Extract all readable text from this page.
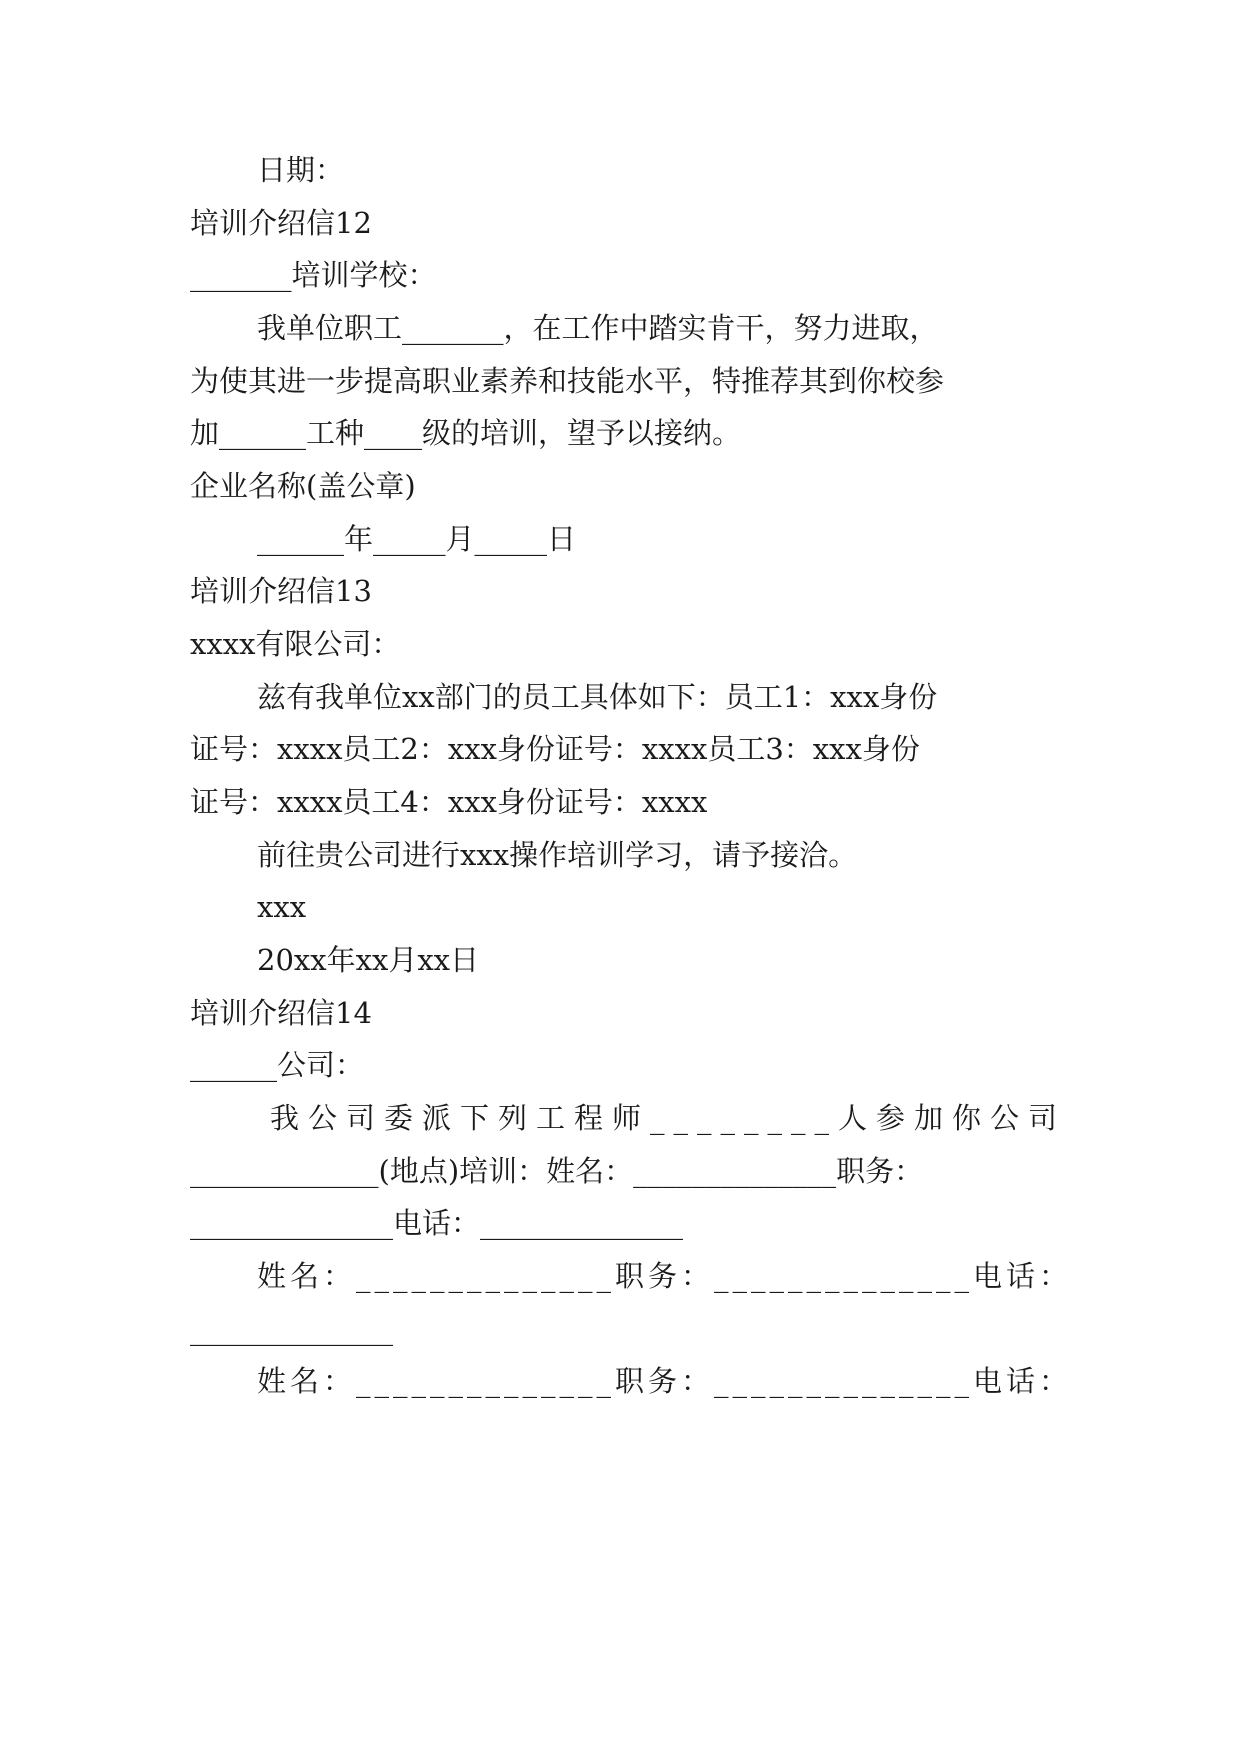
日期：
培训介绍信12
_______培训学校：
我单位职工_______，在工作中踏实肯干，努力进取，
为使其进一步提高职业素养和技能水平，特推荐其到你校参
加______工种____级的培训，望予以接纳。
企业名称(盖公章)
______年_____月_____日
培训介绍信13
xxxx有限公司：
兹有我单位xx部门的员工具体如下：员工1：xxx身份
证号：xxxx员工2：xxx身份证号：xxxx员工3：xxx身份
证号：xxxx员工4：xxx身份证号：xxxx
前往贵公司进行xxx操作培训学习，请予接洽。
xxx
20xx年xx月xx日
培训介绍信14
______公司：
我公司委派下列工程师________人参加你公司
_____________(地点)培训：姓名：______________职务：
______________电话：______________
姓名：______________职务：______________电话：
______________
姓名：______________职务：______________电话：
